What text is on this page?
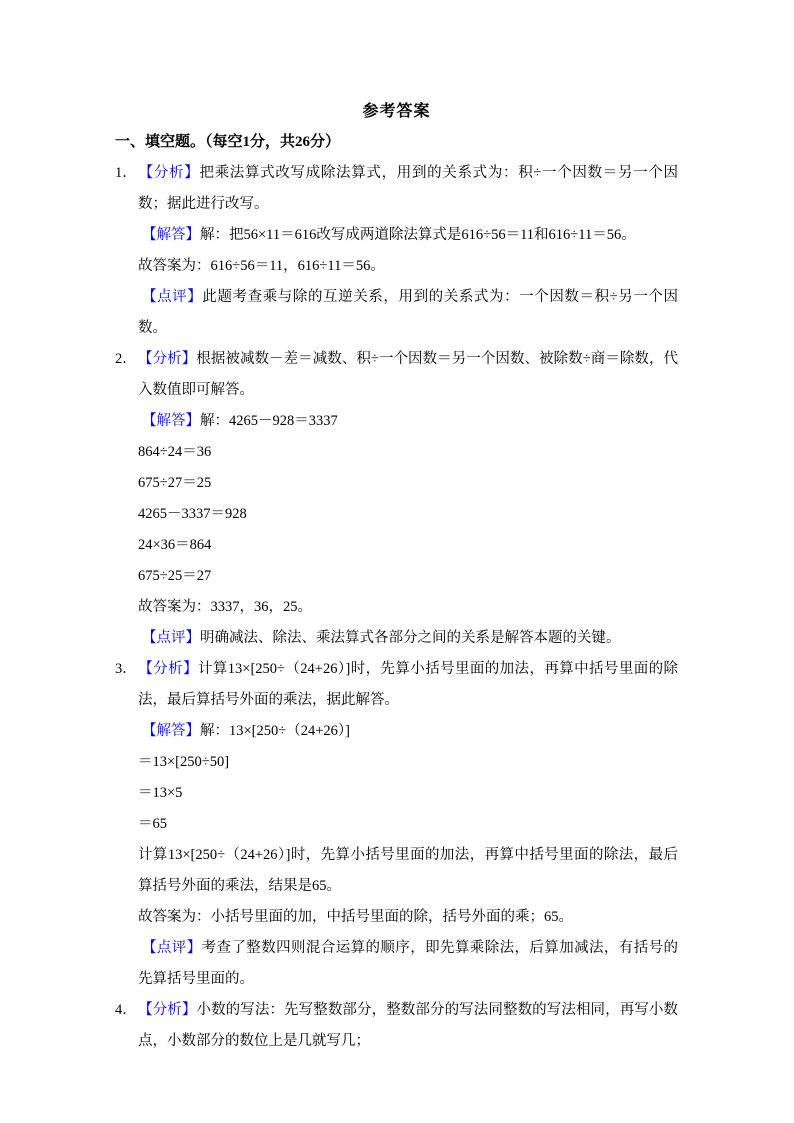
参考答案
一、填空题。（每空1分，共26分）

1．【分析】把乘法算式改写成除法算式，用到的关系式为：积÷一个因数＝另一个因数；据此进行改写。

【解答】解：把56×11＝616改写成两道除法算式是616÷56＝11和616÷11＝56。

故答案为：616÷56＝11，616÷11＝56。

【点评】此题考查乘与除的互逆关系，用到的关系式为：一个因数＝积÷另一个因数。

2．【分析】根据被减数－差＝减数、积÷一个因数＝另一个因数、被除数÷商＝除数，代入数值即可解答。

【解答】解：4265－928＝3337

864÷24＝36

675÷27＝25

4265－3337＝928

24×36＝864

675÷25＝27

故答案为：3337，36，25。

【点评】明确减法、除法、乘法算式各部分之间的关系是解答本题的关键。

3．【分析】计算13×[250÷（24+26）]时，先算小括号里面的加法，再算中括号里面的除法，最后算括号外面的乘法，据此解答。

【解答】解：13×[250÷（24+26）]

＝13×[250÷50]

＝13×5

＝65

计算13×[250÷（24+26）]时，先算小括号里面的加法，再算中括号里面的除法，最后算括号外面的乘法，结果是65。

故答案为：小括号里面的加，中括号里面的除，括号外面的乘；65。

【点评】考查了整数四则混合运算的顺序，即先算乘除法，后算加减法，有括号的先算括号里面的。

4．【分析】小数的写法：先写整数部分，整数部分的写法同整数的写法相同，再写小数点，小数部分的数位上是几就写几；
